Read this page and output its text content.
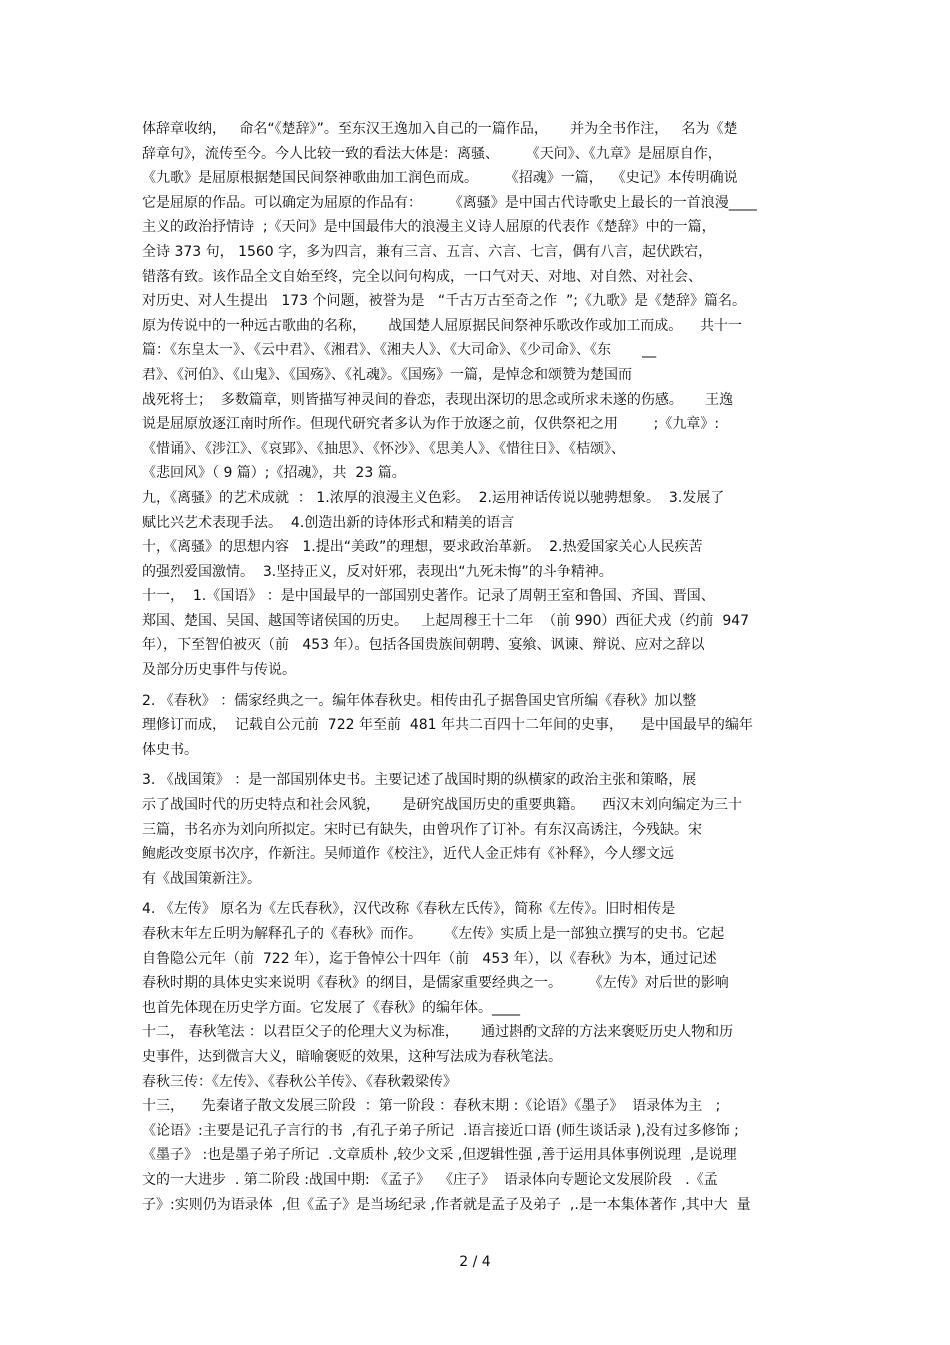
体辞章收纳，   命名“《楚辞》”。至东汉王逸加入自己的一篇作品，     并为全书作注，   名为《楚
辞章句》，流传至今。今人比较一致的看法大体是：离骚、      《天问》、《九章》是屈原自作，
《九歌》是屈原根据楚国民间祭神歌曲加工润色而成。      《招魂》一篇，  《史记》本传明确说
它是屈原的作品。可以确定为屈原的作品有：      《离骚》是中国古代诗歌史上最长的一首浪漫____
主义的政治抒情诗  ;《天问》是中国最伟大的浪漫主义诗人屈原的代表作《楚辞》中的一篇，
全诗 373 句， 1560 字，多为四言，兼有三言、五言、六言、七言，偶有八言，起伏跌宕，
错落有致。该作品全文自始至终，完全以问句构成，一口气对天、对地、对自然、对社会、
对历史、对人生提出   173 个问题，被誉为是   “千古万古至奇之作  ”;《九歌》是《楚辞》篇名。
原为传说中的一种远古歌曲的名称，     战国楚人屈原据民间祭神乐歌改作或加工而成。    共十一
篇：《东皇太一》、《云中君》、《湘君》、《湘夫人》、《大司命》、《少司命》、《东       __
君》、《河伯》、《山鬼》、《国殇》、《礼魂》。《国殇》一篇，是悼念和颂赞为楚国而
战死将士；  多数篇章，则皆描写神灵间的眷恋，表现出深切的思念或所求未遂的伤感。     王逸
说是屈原放逐江南时所作。但现代研究者多认为作于放逐之前，仅供祭祀之用        ;《九章》:
《惜诵》、《涉江》、《哀郢》、《抽思》、《怀沙》、《思美人》、《惜往日》、《桔颂》、
《悲回风》（ 9 篇）;《招魂》，共  23 篇。
九，《离骚》的艺术成就  ： 1.浓厚的浪漫主义色彩。  2.运用神话传说以驰骋想象。  3.发展了
赋比兴艺术表现手法。  4.创造出新的诗体形式和精美的语言
十，《离骚》的思想内容   1.提出“美政”的理想，要求政治革新。  2.热爱国家关心人民疾苦
的强烈爱国激情。  3.坚持正义，反对奸邪，表现出“九死未悔”的斗争精神。
十一，  1.《国语》 ：是中国最早的一部国别史著作。记录了周朝王室和鲁国、齐国、晋国、
郑国、楚国、吴国、越国等诸侯国的历史。   上起周穆王十二年  （前 990）西征犬戎（约前  947
年），下至智伯被灭（前   453 年）。包括各国贵族间朝聘、宴飨、讽谏、辩说、应对之辞以
及部分历史事件与传说。
2. 《春秋》 ：儒家经典之一。编年体春秋史。相传由孔子据鲁国史官所编《春秋》加以整
理修订而成，  记载自公元前  722 年至前  481 年共二百四十二年间的史事，    是中国最早的编年
体史书。
3. 《战国策》 ：是一部国别体史书。主要记述了战国时期的纵横家的政治主张和策略，展
示了战国时代的历史特点和社会风貌，     是研究战国历史的重要典籍。    西汉末刘向编定为三十
三篇，书名亦为刘向所拟定。宋时已有缺失，由曾巩作了订补。有东汉高诱注，今残缺。宋
鲍彪改变原书次序，作新注。吴师道作《校注》，近代人金正炜有《补释》，今人缪文远
有《战国策新注》。
4. 《左传》 原名为《左氏春秋》，汉代改称《春秋左氏传》，简称《左传》。旧时相传是
春秋末年左丘明为解释孔子的《春秋》而作。     《左传》实质上是一部独立撰写的史书。它起
自鲁隐公元年（前  722 年），迄于鲁悼公十四年（前   453 年），以《春秋》为本，通过记述
春秋时期的具体史实来说明《春秋》的纲目，是儒家重要经典之一。      《左传》对后世的影响
也首先体现在历史学方面。它发展了《春秋》的编年体。____
十二， 春秋笔法 ：以君臣父子的伦理大义为标准，     通过斟酌文辞的方法来褒贬历史人物和历
史事件，达到微言大义，暗喻褒贬的效果，这种写法成为春秋笔法。
春秋三传：《左传》、《春秋公羊传》、《春秋穀梁传》
十三，    先秦诸子散文发展三阶段  ：第一阶段 ：春秋末期 :《论语》《墨子》  语录体为主   ;
《论语》:主要是记孔子言行的书  ,有孔子弟子所记  .语言接近口语 (师生谈话录 ),没有过多修饰 ;
《墨子》 :也是墨子弟子所记  .文章质朴 ,较少文采 ,但逻辑性强 ,善于运用具体事例说理  ,是说理
文的一大进步  . 第二阶段 :战国中期: 《孟子》  《庄子》  语录体向专题论文发展阶段   .《孟
子》:实则仍为语录体  ,但《孟子》是当场纪录 ,作者就是孟子及弟子  ,.是一本集体著作 ,其中大  量
2 / 4
